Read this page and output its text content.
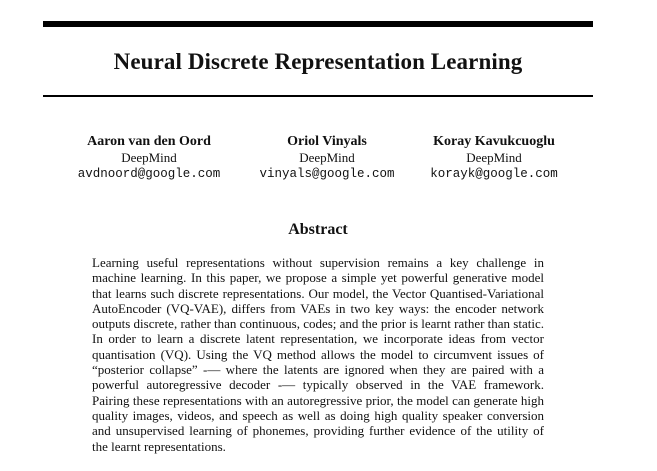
Neural Discrete Representation Learning
Aaron van den Oord
DeepMind
avdnoord@google.com
Oriol Vinyals
DeepMind
vinyals@google.com
Koray Kavukcuoglu
DeepMind
korayk@google.com
Abstract
Learning useful representations without supervision remains a key challenge in machine learning. In this paper, we propose a simple yet powerful generative model that learns such discrete representations. Our model, the Vector Quantised-Variational AutoEncoder (VQ-VAE), differs from VAEs in two key ways: the encoder network outputs discrete, rather than continuous, codes; and the prior is learnt rather than static. In order to learn a discrete latent representation, we incorporate ideas from vector quantisation (VQ). Using the VQ method allows the model to circumvent issues of “posterior collapse” -— where the latents are ignored when they are paired with a powerful autoregressive decoder -— typically observed in the VAE framework. Pairing these representations with an autoregressive prior, the model can generate high quality images, videos, and speech as well as doing high quality speaker conversion and unsupervised learning of phonemes, providing further evidence of the utility of the learnt representations.
